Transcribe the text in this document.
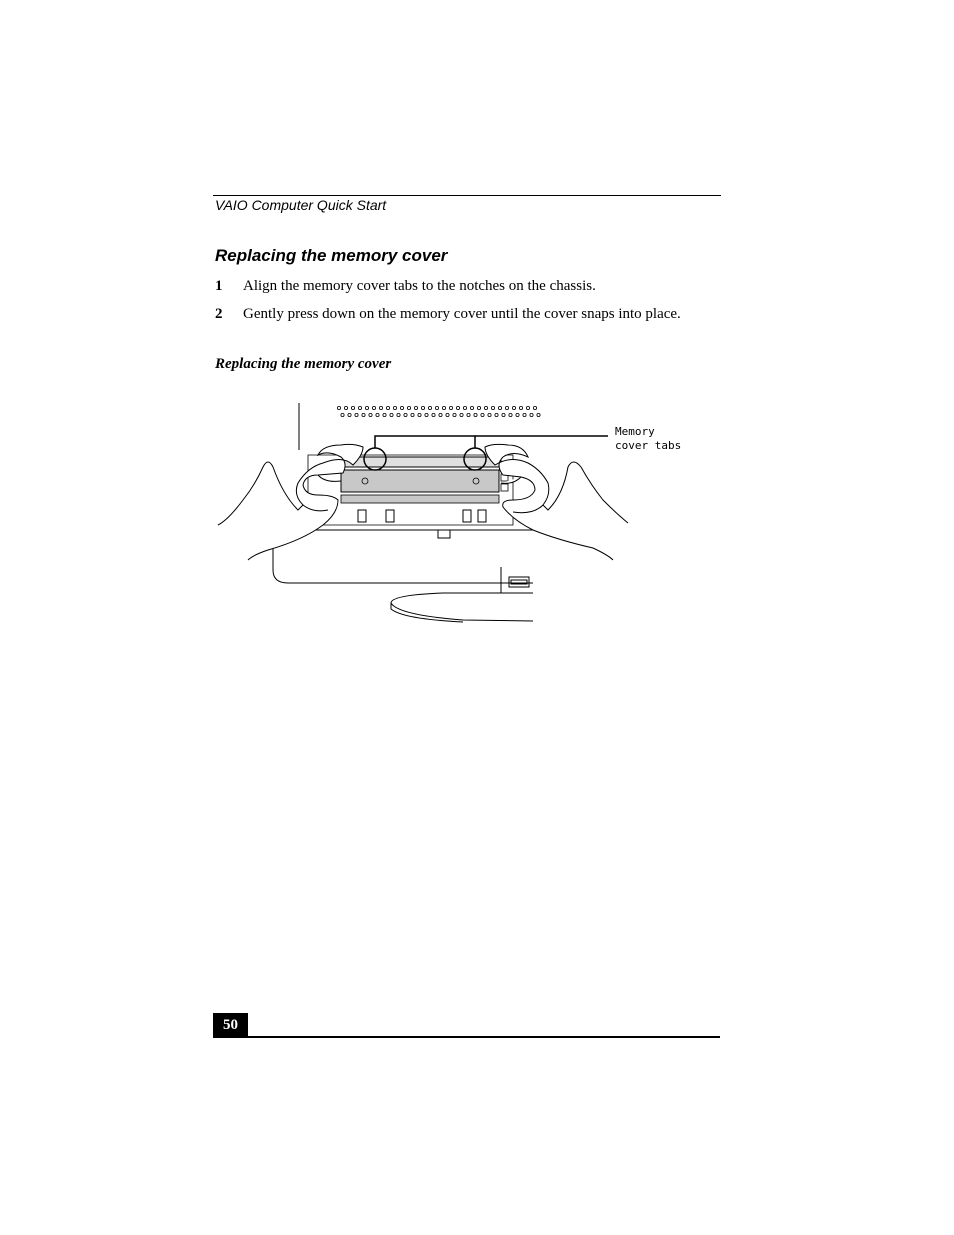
VAIO Computer Quick Start
Replacing the memory cover
1 Align the memory cover tabs to the notches on the chassis.
2 Gently press down on the memory cover until the cover snaps into place.
Replacing the memory cover
Memory
cover tabs
50
